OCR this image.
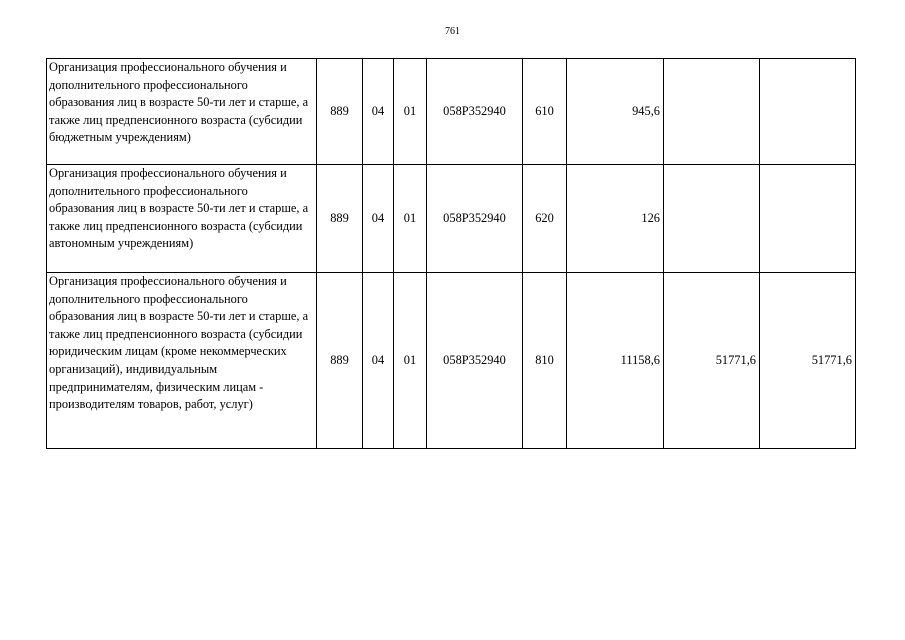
761
Организация профессионального обучения и дополнительного профессионального образования лиц в возрасте 50-ти лет и старше, а также лиц предпенсионного возраста (субсидии бюджетным учреждениям)	889	04	01	058P352940	610	945,6		
Организация профессионального обучения и дополнительного профессионального образования лиц в возрасте 50-ти лет и старше, а также лиц предпенсионного возраста (субсидии автономным учреждениям)	889	04	01	058P352940	620	126		
Организация профессионального обучения и дополнительного профессионального образования лиц в возрасте 50-ти лет и старше, а также лиц предпенсионного возраста (субсидии юридическим лицам (кроме некоммерческих организаций), индивидуальным предпринимателям, физическим лицам - производителям товаров, работ, услуг)	889	04	01	058P352940	810	11158,6	51771,6	51771,6
